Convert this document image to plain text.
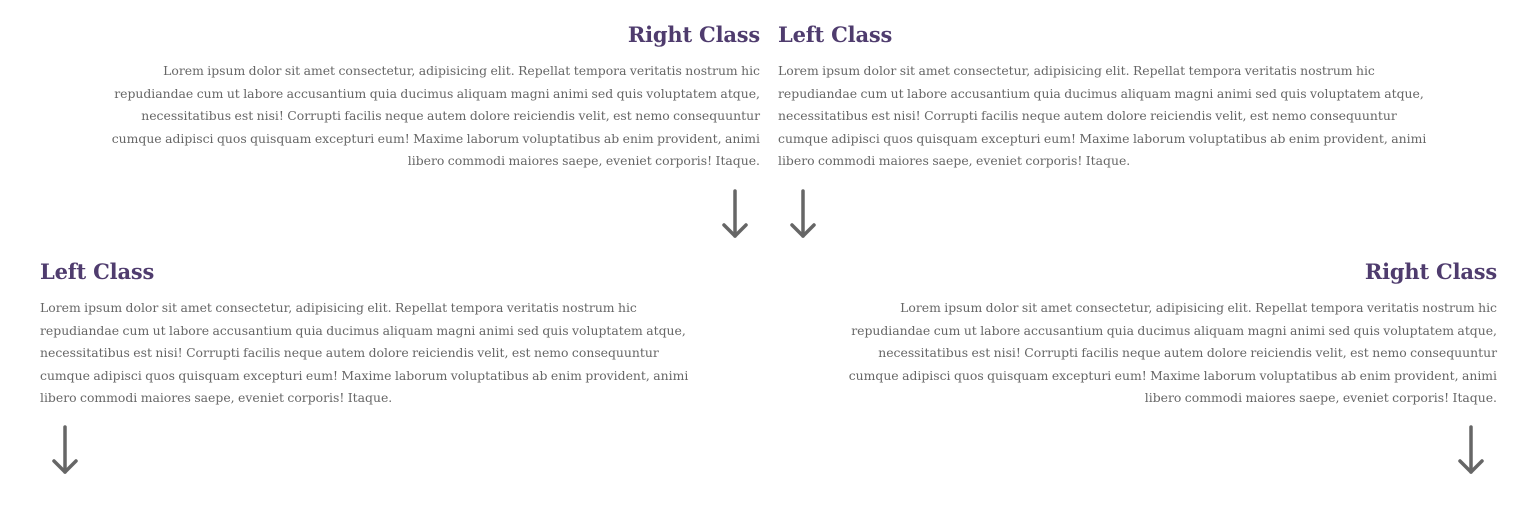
Right Class

Lorem ipsum dolor sit amet consectetur, adipisicing elit. Repellat tempora veritatis nostrum hic
repudiandae cum ut labore accusantium quia ducimus aliquam magni animi sed quis voluptatem atque,
necessitatibus est nisi! Corrupti facilis neque autem dolore reiciendis velit, est nemo consequuntur
cumque adipisci quos quisquam excepturi eum! Maxime laborum voluptatibus ab enim provident, animi
libero commodi maiores saepe, eveniet corporis! Itaque.

Left Class

Lorem ipsum dolor sit amet consectetur, adipisicing elit. Repellat tempora veritatis nostrum hic
repudiandae cum ut labore accusantium quia ducimus aliquam magni animi sed quis voluptatem atque,
necessitatibus est nisi! Corrupti facilis neque autem dolore reiciendis velit, est nemo consequuntur
cumque adipisci quos quisquam excepturi eum! Maxime laborum voluptatibus ab enim provident, animi
libero commodi maiores saepe, eveniet corporis! Itaque.

Left Class

Lorem ipsum dolor sit amet consectetur, adipisicing elit. Repellat tempora veritatis nostrum hic
repudiandae cum ut labore accusantium quia ducimus aliquam magni animi sed quis voluptatem atque,
necessitatibus est nisi! Corrupti facilis neque autem dolore reiciendis velit, est nemo consequuntur
cumque adipisci quos quisquam excepturi eum! Maxime laborum voluptatibus ab enim provident, animi
libero commodi maiores saepe, eveniet corporis! Itaque.

Right Class

Lorem ipsum dolor sit amet consectetur, adipisicing elit. Repellat tempora veritatis nostrum hic
repudiandae cum ut labore accusantium quia ducimus aliquam magni animi sed quis voluptatem atque,
necessitatibus est nisi! Corrupti facilis neque autem dolore reiciendis velit, est nemo consequuntur
cumque adipisci quos quisquam excepturi eum! Maxime laborum voluptatibus ab enim provident, animi
libero commodi maiores saepe, eveniet corporis! Itaque.
